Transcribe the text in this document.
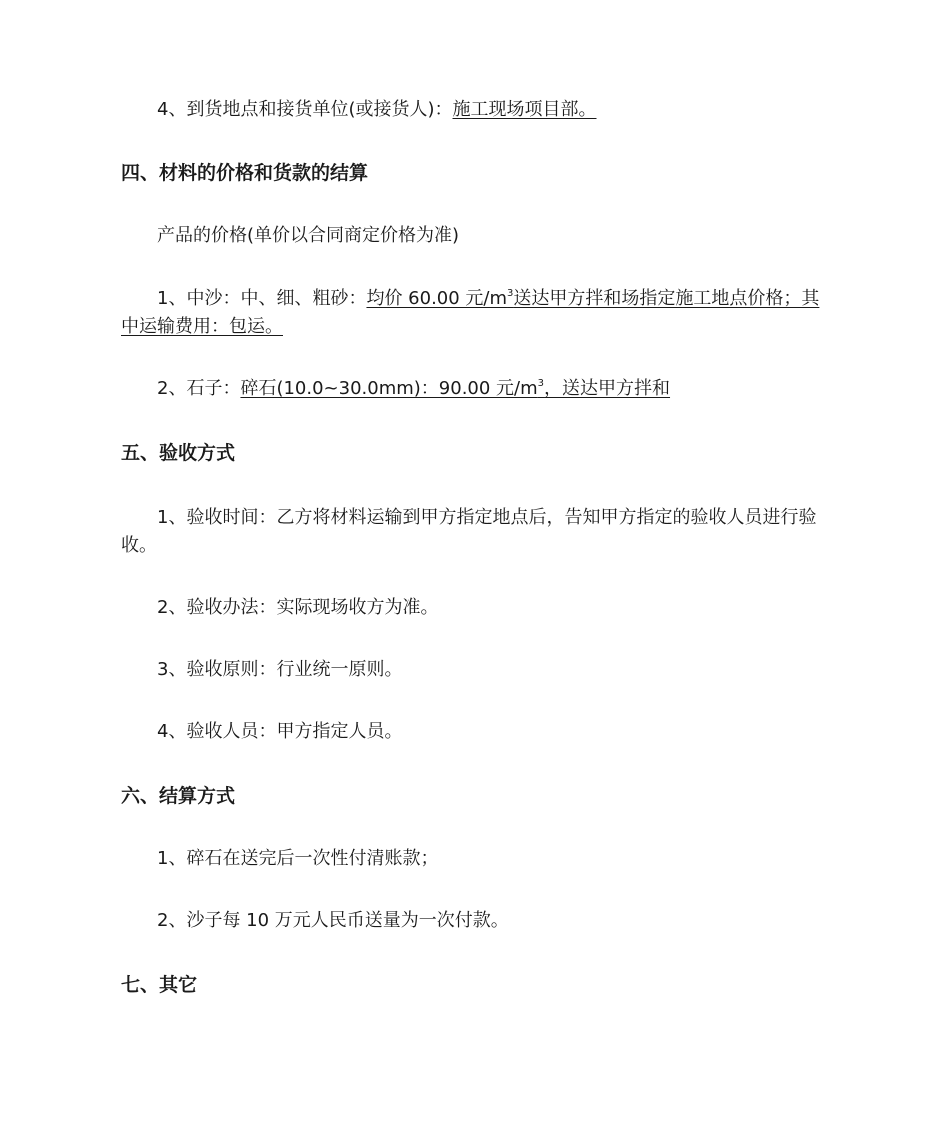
4、到货地点和接货单位(或接货人)：施工现场项目部。

四、材料的价格和货款的结算

产品的价格(单价以合同商定价格为准)

1、中沙：中、细、粗砂：均价 60.00 元$/m^3$送达甲方拌和场指定施工地点价格；其中运输费用：包运。

2、石子：碎石(10.0~30.0mm)：90.00 元$/m^3$，送达甲方拌和

五、验收方式

1、验收时间：乙方将材料运输到甲方指定地点后，告知甲方指定的验收人员进行验收。

2、验收办法：实际现场收方为准。

3、验收原则：行业统一原则。

4、验收人员：甲方指定人员。

六、结算方式

1、碎石在送完后一次性付清账款；

2、沙子每 10 万元人民币送量为一次付款。

七、其它
